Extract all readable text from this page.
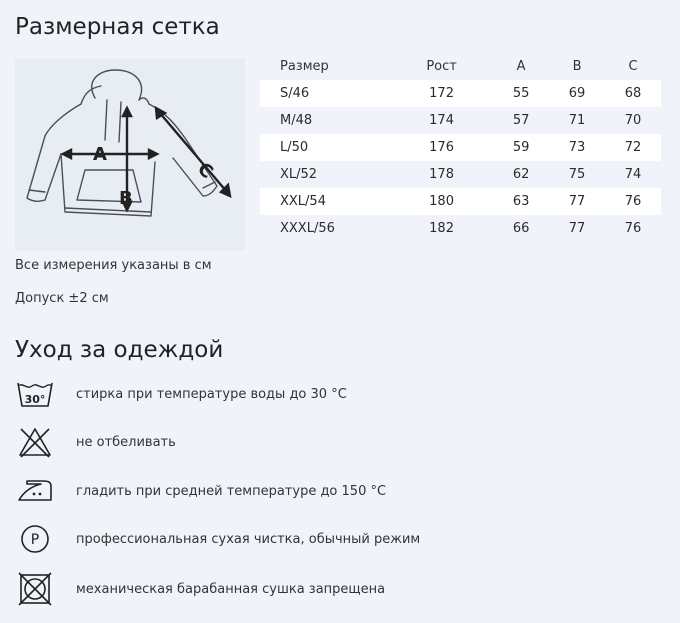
Размерная сетка
A
B
C
Размер	Рост	A	B	C
S/46	172	55	69	68
M/48	174	57	71	70
L/50	176	59	73	72
XL/52	178	62	75	74
XXL/54	180	63	77	76
XXXL/56	182	66	77	76
Все измерения указаны в см
Допуск ±2 см
Уход за одеждой
30° стирка при температуре воды до 30 °С
не отбеливать
гладить при средней температуре до 150 °С
P	профессиональная сухая чистка, обычный режим
механическая барабанная сушка запрещена
